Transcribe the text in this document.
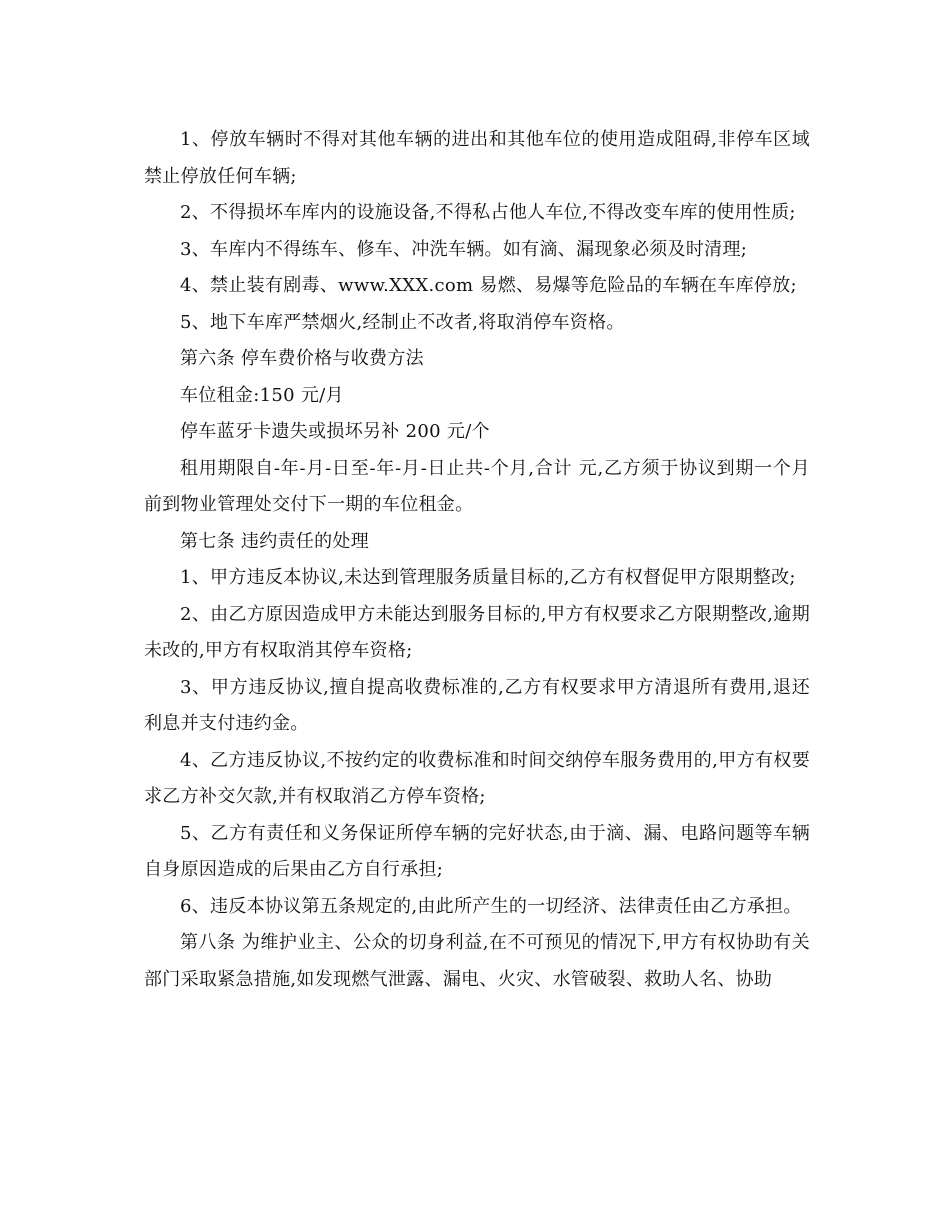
1、停放车辆时不得对其他车辆的进出和其他车位的使用造成阻碍,非停车区域禁止停放任何车辆;

2、不得损坏车库内的设施设备,不得私占他人车位,不得改变车库的使用性质;

3、车库内不得练车、修车、冲洗车辆。如有滴、漏现象必须及时清理;

4、禁止装有剧毒、www.XXX.com 易燃、易爆等危险品的车辆在车库停放;

5、地下车库严禁烟火,经制止不改者,将取消停车资格。

第六条 停车费价格与收费方法

车位租金:150 元/月

停车蓝牙卡遗失或损坏另补 200 元/个

租用期限自-年-月-日至-年-月-日止共-个月,合计 元,乙方须于协议到期一个月前到物业管理处交付下一期的车位租金。

第七条 违约责任的处理

1、甲方违反本协议,未达到管理服务质量目标的,乙方有权督促甲方限期整改;

2、由乙方原因造成甲方未能达到服务目标的,甲方有权要求乙方限期整改,逾期未改的,甲方有权取消其停车资格;

3、甲方违反协议,擅自提高收费标准的,乙方有权要求甲方清退所有费用,退还利息并支付违约金。

4、乙方违反协议,不按约定的收费标准和时间交纳停车服务费用的,甲方有权要求乙方补交欠款,并有权取消乙方停车资格;

5、乙方有责任和义务保证所停车辆的完好状态,由于滴、漏、电路问题等车辆自身原因造成的后果由乙方自行承担;

6、违反本协议第五条规定的,由此所产生的一切经济、法律责任由乙方承担。

第八条 为维护业主、公众的切身利益,在不可预见的情况下,甲方有权协助有关部门采取紧急措施,如发现燃气泄露、漏电、火灾、水管破裂、救助人名、协助
